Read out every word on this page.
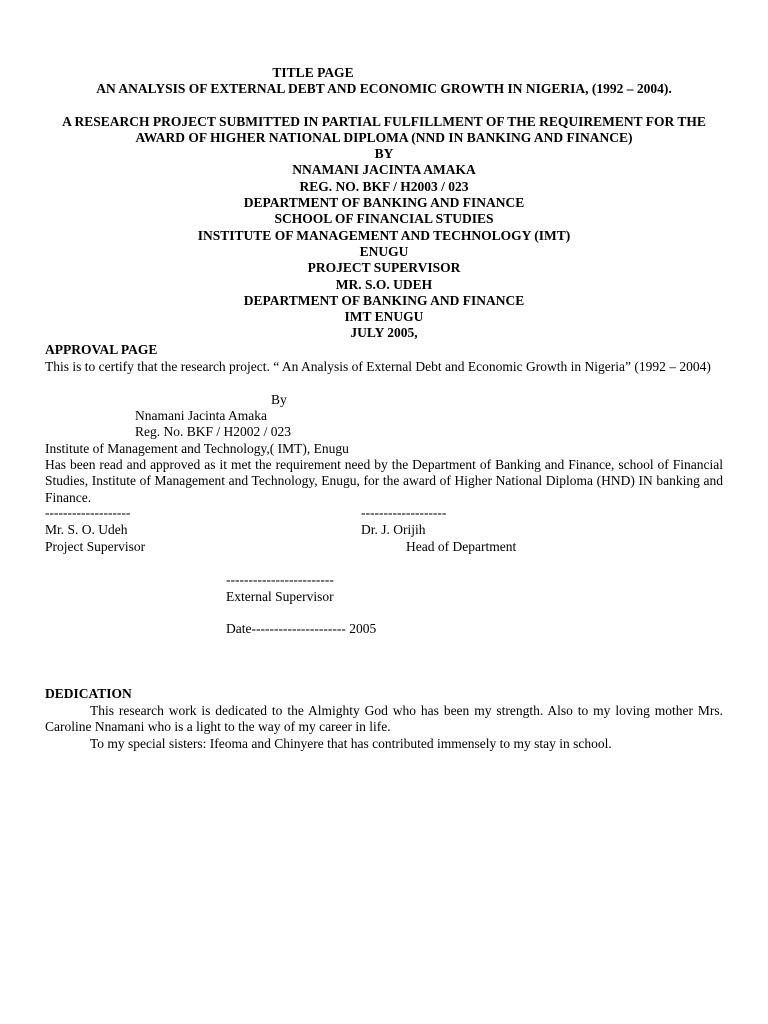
TITLE PAGE
AN ANALYSIS OF EXTERNAL DEBT AND ECONOMIC GROWTH IN NIGERIA, (1992 – 2004).
A RESEARCH PROJECT SUBMITTED IN PARTIAL FULFILLMENT OF THE REQUIREMENT FOR THE
AWARD OF HIGHER NATIONAL DIPLOMA (NND IN BANKING AND FINANCE)
BY
NNAMANI JACINTA AMAKA
REG. NO. BKF / H2003 / 023
DEPARTMENT OF BANKING AND FINANCE
SCHOOL OF FINANCIAL STUDIES
INSTITUTE OF MANAGEMENT AND TECHNOLOGY (IMT)
ENUGU
PROJECT SUPERVISOR
MR. S.O. UDEH
DEPARTMENT OF BANKING AND FINANCE
IMT ENUGU
JULY 2005,
APPROVAL PAGE

This is to certify that the research project. “ An Analysis of External Debt and Economic Growth in Nigeria” (1992 – 2004)

By

Nnamani Jacinta Amaka

Reg. No. BKF / H2002 / 023

Institute of Management and Technology,( IMT), Enugu

Has been read and approved as it met the requirement need by the Department of Banking and Finance, school of Financial Studies, Institute of Management and Technology, Enugu, for the award of Higher National Diploma (HND) IN banking and Finance.

-------------------	-------------------

Mr. S. O. Udeh	Dr. J. Orijih

Project Supervisor	Head of Department

------------------------

External Supervisor

Date--------------------- 2005

DEDICATION

This research work is dedicated to the Almighty God who has been my strength. Also to my loving mother Mrs. Caroline Nnamani who is a light to the way of my career in life.

To my special sisters: Ifeoma and Chinyere that has contributed immensely to my stay in school.
